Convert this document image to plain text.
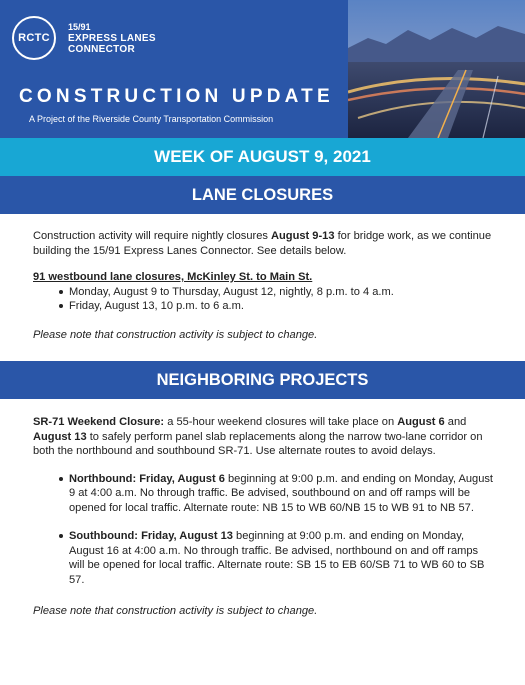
RCTC
15/91
EXPRESS LANES
CONNECTOR
CONSTRUCTION UPDATE
A Project of the Riverside County Transportation Commission
WEEK OF AUGUST 9, 2021
LANE CLOSURES

Construction activity will require nightly closures August 9-13 for bridge work, as we continue building the 15/91 Express Lanes Connector. See details below.

91 westbound lane closures, McKinley St. to Main St.

Monday, August 9 to Thursday, August 12, nightly, 8 p.m. to 4 a.m.
Friday, August 13, 10 p.m. to 6 a.m.

Please note that construction activity is subject to change.

NEIGHBORING PROJECTS

SR-71 Weekend Closure: a 55-hour weekend closures will take place on August 6 and August 13 to safely perform panel slab replacements along the narrow two-lane corridor on both the northbound and southbound SR-71. Use alternate routes to avoid delays.

Northbound: Friday, August 6 beginning at 9:00 p.m. and ending on Monday, August 9 at 4:00 a.m. No through traffic. Be advised, southbound on and off ramps will be opened for local traffic. Alternate route: NB 15 to WB 60/NB 15 to WB 91 to NB 57.
Southbound: Friday, August 13 beginning at 9:00 p.m. and ending on Monday, August 16 at 4:00 a.m. No through traffic. Be advised, northbound on and off ramps will be opened for local traffic. Alternate route: SB 15 to EB 60/SB 71 to WB 60 to SB 57.

Please note that construction activity is subject to change.
